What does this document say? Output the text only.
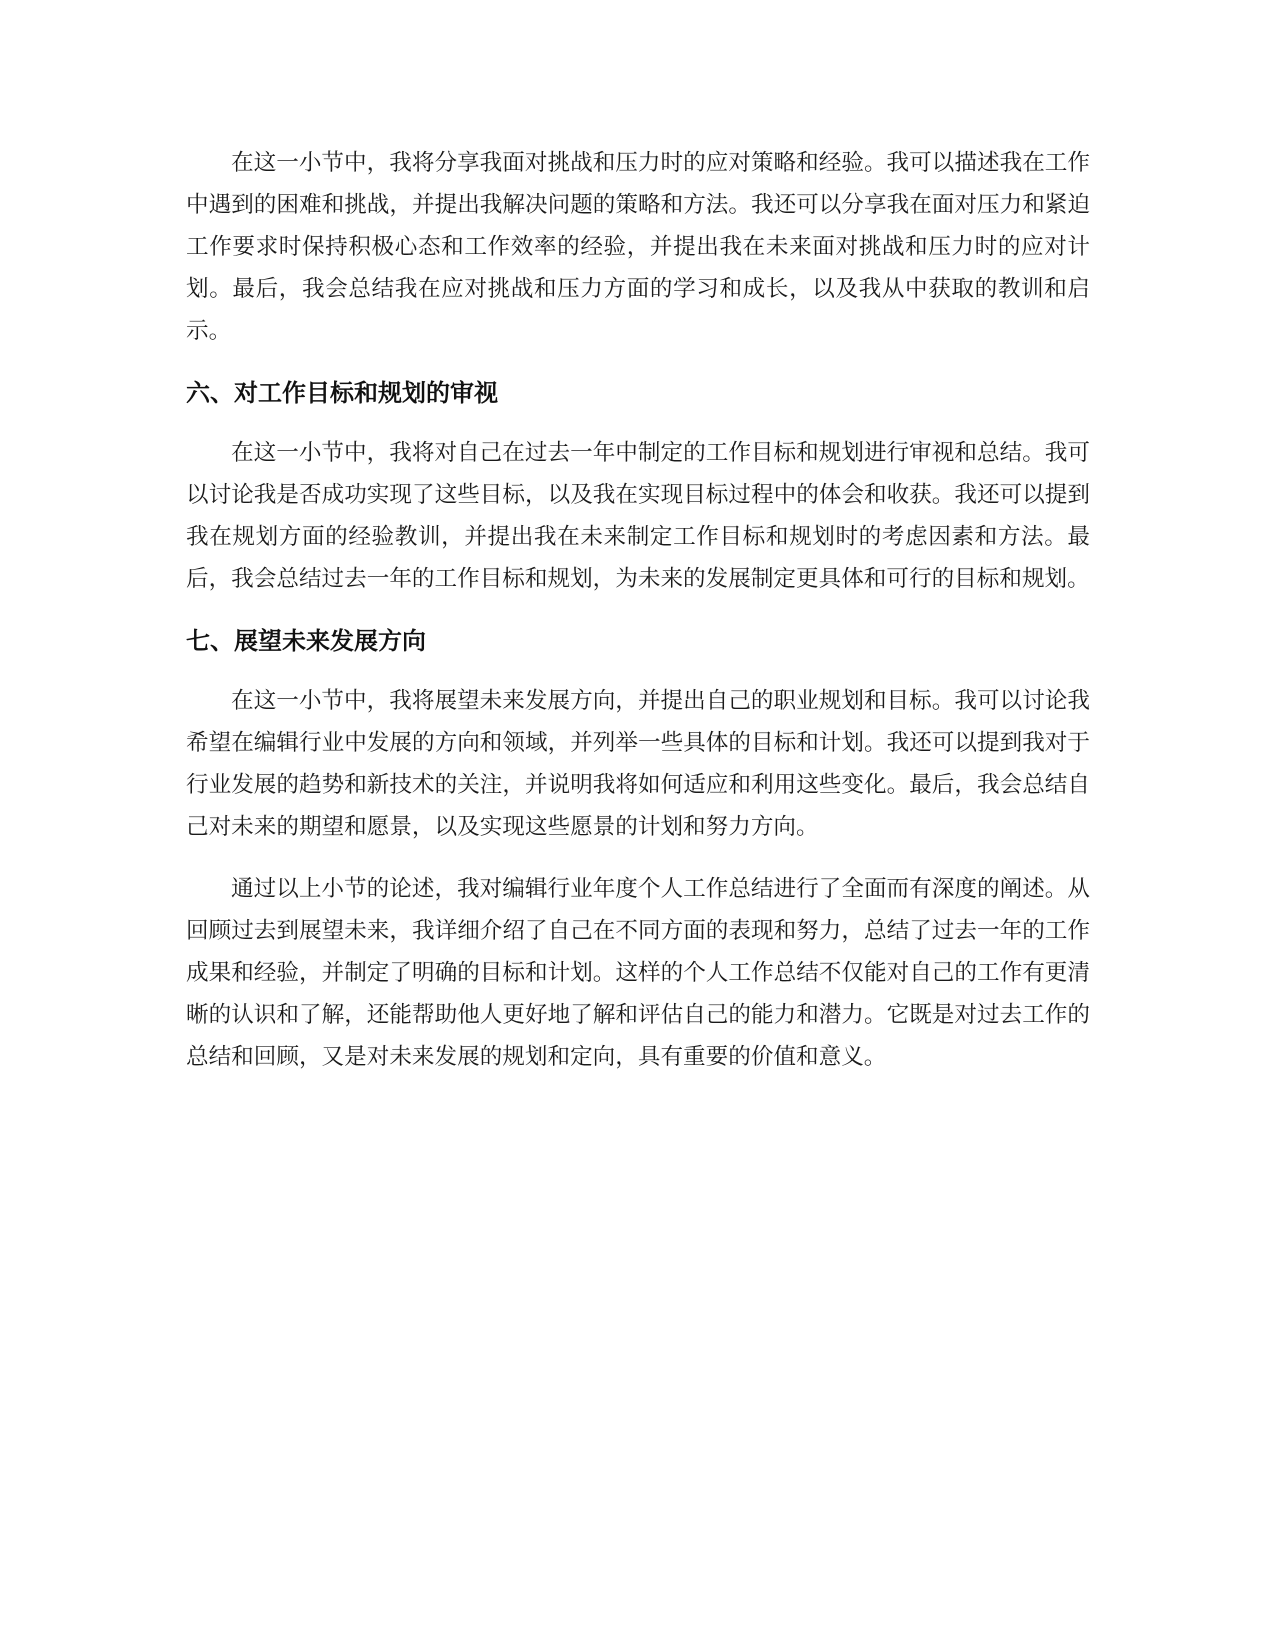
在这一小节中，我将分享我面对挑战和压力时的应对策略和经验。我可以描述我在工作中遇到的困难和挑战，并提出我解决问题的策略和方法。我还可以分享我在面对压力和紧迫工作要求时保持积极心态和工作效率的经验，并提出我在未来面对挑战和压力时的应对计划。最后，我会总结我在应对挑战和压力方面的学习和成长，以及我从中获取的教训和启示。

六、对工作目标和规划的审视

在这一小节中，我将对自己在过去一年中制定的工作目标和规划进行审视和总结。我可以讨论我是否成功实现了这些目标，以及我在实现目标过程中的体会和收获。我还可以提到我在规划方面的经验教训，并提出我在未来制定工作目标和规划时的考虑因素和方法。最后，我会总结过去一年的工作目标和规划，为未来的发展制定更具体和可行的目标和规划。

七、展望未来发展方向

在这一小节中，我将展望未来发展方向，并提出自己的职业规划和目标。我可以讨论我希望在编辑行业中发展的方向和领域，并列举一些具体的目标和计划。我还可以提到我对于行业发展的趋势和新技术的关注，并说明我将如何适应和利用这些变化。最后，我会总结自己对未来的期望和愿景，以及实现这些愿景的计划和努力方向。

通过以上小节的论述，我对编辑行业年度个人工作总结进行了全面而有深度的阐述。从回顾过去到展望未来，我详细介绍了自己在不同方面的表现和努力，总结了过去一年的工作成果和经验，并制定了明确的目标和计划。这样的个人工作总结不仅能对自己的工作有更清晰的认识和了解，还能帮助他人更好地了解和评估自己的能力和潜力。它既是对过去工作的总结和回顾，又是对未来发展的规划和定向，具有重要的价值和意义。
